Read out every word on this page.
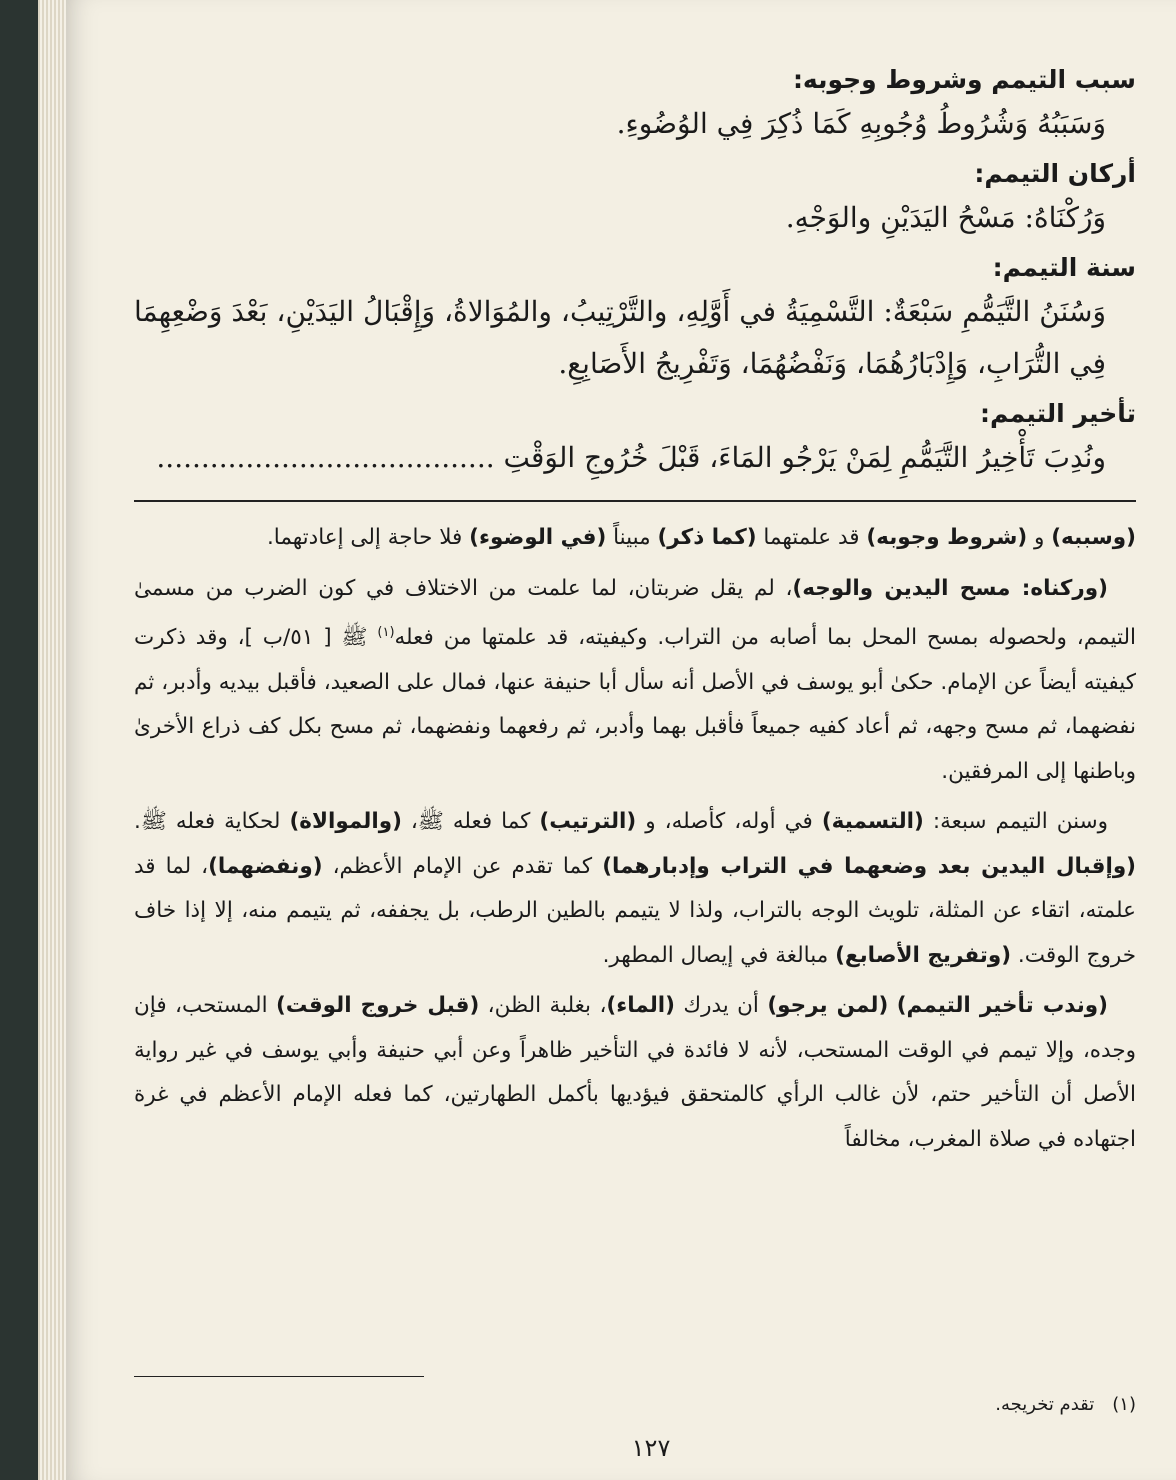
سبب التيمم وشروط وجوبه:

وَسَبَبُهُ وَشُرُوطُ وُجُوبِهِ كَمَا ذُكِرَ فِي الوُضُوءِ.

أركان التيمم:

وَرُكْنَاهُ: مَسْحُ اليَدَيْنِ والوَجْهِ.

سنة التيمم:

وَسُنَنُ التَّيَمُّمِ سَبْعَةٌ: التَّسْمِيَةُ في أَوَّلِهِ، والتَّرْتِيبُ، والمُوَالاةُ، وَإِقْبَالُ اليَدَيْنِ، بَعْدَ وَضْعِهِمَا فِي التُّرَابِ، وَإِدْبَارُهُمَا، وَنَفْضُهُمَا، وَتَفْرِيجُ الأَصَابِعِ.

تأخير التيمم:

ونُدِبَ تَأْخِيرُ التَّيَمُّمِ لِمَنْ يَرْجُو المَاءَ، قَبْلَ خُرُوجِ الوَقْتِ ......................................

(وسببه) و (شروط وجوبه) قد علمتهما (كما ذكر) مبيناً (في الوضوء) فلا حاجة إلى إعادتهما.

(وركناه: مسح اليدين والوجه)، لم يقل ضربتان، لما علمت من الاختلاف في كون الضرب من مسمىٰ التيمم، ولحصوله بمسح المحل بما أصابه من التراب. وكيفيته، قد علمتها من فعله$^{(١)}$ ﷺ [ ٥١/ب ]، وقد ذكرت كيفيته أيضاً عن الإمام. حكىٰ أبو يوسف في الأصل أنه سأل أبا حنيفة عنها، فمال على الصعيد، فأقبل بيديه وأدبر، ثم نفضهما، ثم مسح وجهه، ثم أعاد كفيه جميعاً فأقبل بهما وأدبر، ثم رفعهما ونفضهما، ثم مسح بكل كف ذراع الأخرىٰ وباطنها إلى المرفقين.

وسنن التيمم سبعة: (التسمية) في أوله، كأصله، و (الترتيب) كما فعله ﷺ، (والموالاة) لحكاية فعله ﷺ. (وإقبال اليدين بعد وضعهما في التراب وإدبارهما) كما تقدم عن الإمام الأعظم، (ونفضهما)، لما قد علمته، اتقاء عن المثلة، تلويث الوجه بالتراب، ولذا لا يتيمم بالطين الرطب، بل يجففه، ثم يتيمم منه، إلا إذا خاف خروج الوقت. (وتفريج الأصابع) مبالغة في إيصال المطهر.

(وندب تأخير التيمم) (لمن يرجو) أن يدرك (الماء)، بغلبة الظن، (قبل خروج الوقت) المستحب، فإن وجده، وإلا تيمم في الوقت المستحب، لأنه لا فائدة في التأخير ظاهراً وعن أبي حنيفة وأبي يوسف في غير رواية الأصل أن التأخير حتم، لأن غالب الرأي كالمتحقق فيؤديها بأكمل الطهارتين، كما فعله الإمام الأعظم في غرة اجتهاده في صلاة المغرب، مخالفاً

(١)تقدم تخريجه.
١٢٧
